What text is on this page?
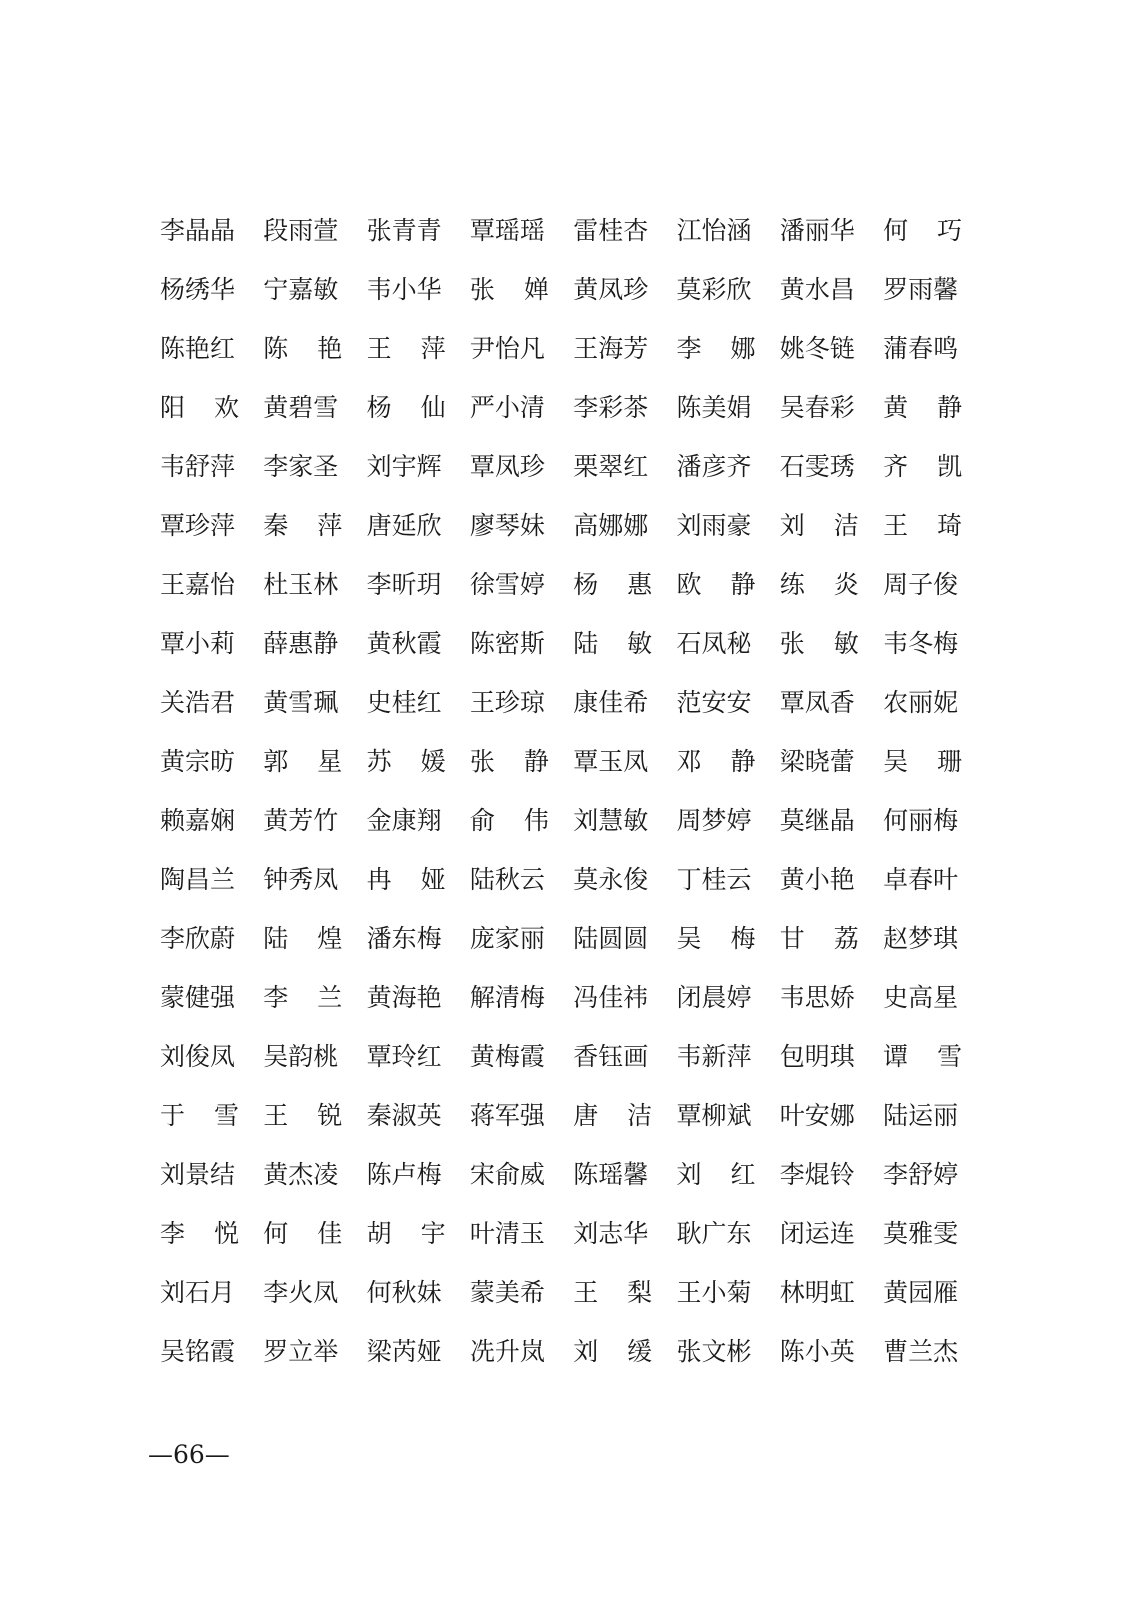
李晶晶 段雨萱 张青青 覃瑶瑶 雷桂杏 江怡涵 潘丽华 何 巧
杨绣华 宁嘉敏 韦小华 张 婵 黄凤珍 莫彩欣 黄水昌 罗雨馨
陈艳红 陈 艳 王 萍 尹怡凡 王海芳 李 娜 姚冬链 蒲春鸣
阳 欢 黄碧雪 杨 仙 严小清 李彩茶 陈美娟 吴春彩 黄 静
韦舒萍 李家圣 刘宇辉 覃凤珍 栗翠红 潘彦齐 石雯琇 齐 凯
覃珍萍 秦 萍 唐延欣 廖琴妹 高娜娜 刘雨豪 刘 洁 王 琦
王嘉怡 杜玉林 李昕玥 徐雪婷 杨 惠 欧 静 练 炎 周子俊
覃小莉 薛惠静 黄秋霞 陈密斯 陆 敏 石凤秘 张 敏 韦冬梅
关浩君 黄雪珮 史桂红 王珍琼 康佳希 范安安 覃凤香 农丽妮
黄宗昉 郭 星 苏 媛 张 静 覃玉凤 邓 静 梁晓蕾 吴 珊
赖嘉娴 黄芳竹 金康翔 俞 伟 刘慧敏 周梦婷 莫继晶 何丽梅
陶昌兰 钟秀凤 冉 娅 陆秋云 莫永俊 丁桂云 黄小艳 卓春叶
李欣蔚 陆 煌 潘东梅 庞家丽 陆圆圆 吴 梅 甘 荔 赵梦琪
蒙健强 李 兰 黄海艳 解清梅 冯佳祎 闭晨婷 韦思娇 史高星
刘俊凤 吴韵桃 覃玲红 黄梅霞 香钰画 韦新萍 包明琪 谭 雪
于 雪 王 锐 秦淑英 蒋军强 唐 洁 覃柳斌 叶安娜 陆运丽
刘景结 黄杰凌 陈卢梅 宋俞威 陈瑶馨 刘 红 李焜铃 李舒婷
李 悦 何 佳 胡 宇 叶清玉 刘志华 耿广东 闭运连 莫雅雯
刘石月 李火凤 何秋妹 蒙美希 王 梨 王小菊 林明虹 黄园雁
吴铭霞 罗立举 梁芮娅 冼升岚 刘 缓 张文彬 陈小英 曹兰杰
—66—
